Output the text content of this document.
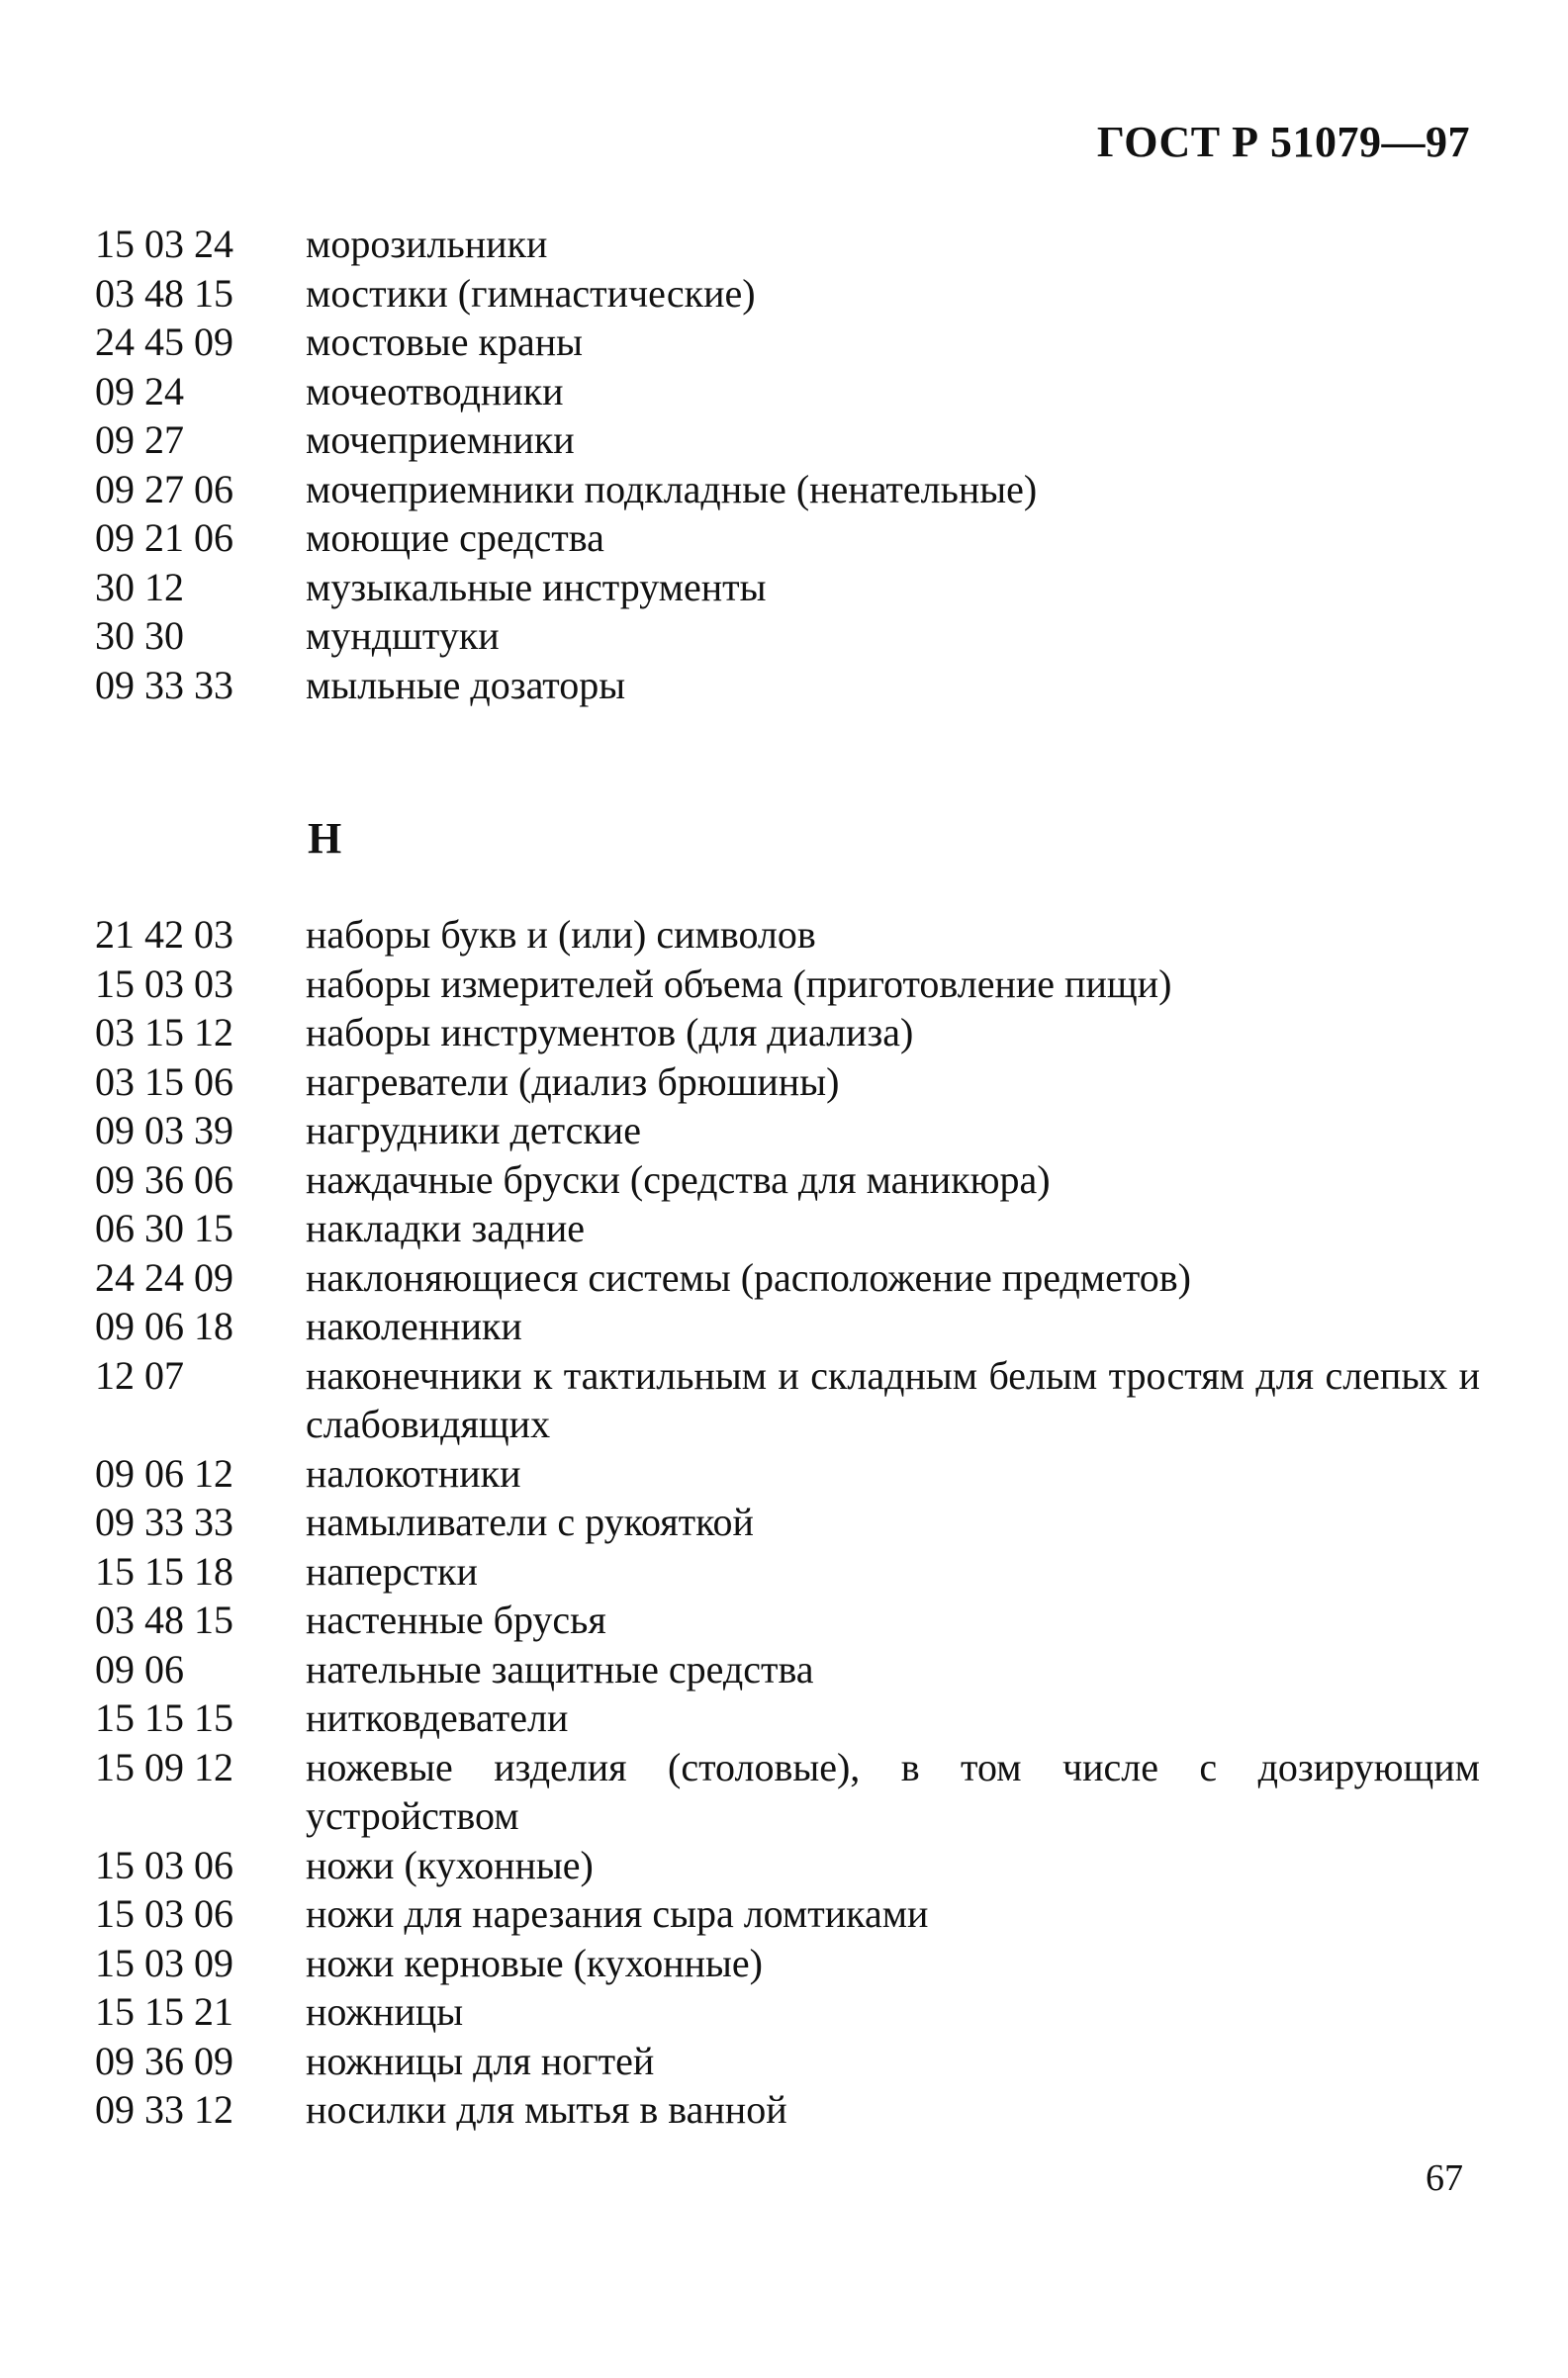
ГОСТ Р 51079—97
15 03 24	морозильники
03 48 15	мостики (гимнастические)
24 45 09	мостовые краны
09 24	мочеотводники
09 27	мочеприемники
09 27 06	мочеприемники подкладные (ненательные)
09 21 06	моющие средства
30 12	музыкальные инструменты
30 30	мундштуки
09 33 33	мыльные дозаторы
Н
21 42 03	наборы букв и (или) символов
15 03 03	наборы измерителей объема (приготовление пищи)
03 15 12	наборы инструментов (для диализа)
03 15 06	нагреватели (диализ брюшины)
09 03 39	нагрудники детские
09 36 06	наждачные бруски (средства для маникюра)
06 30 15	накладки задние
24 24 09	наклоняющиеся системы (расположение предметов)
09 06 18	наколенники
12 07	наконечники к тактильным и складным белым тростям для слепых и слабовидящих
09 06 12	налокотники
09 33 33	намыливатели с рукояткой
15 15 18	наперстки
03 48 15	настенные брусья
09 06	нательные защитные средства
15 15 15	нитковдеватели
15 09 12	ножевые изделия (столовые), в том числе с дозирующим устройством
15 03 06	ножи (кухонные)
15 03 06	ножи для нарезания сыра ломтиками
15 03 09	ножи керновые (кухонные)
15 15 21	ножницы
09 36 09	ножницы для ногтей
09 33 12	носилки для мытья в ванной
67
